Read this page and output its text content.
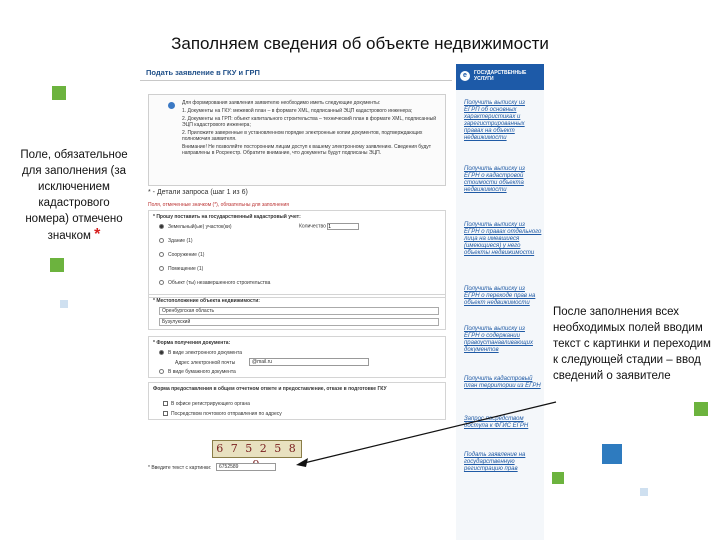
Заполняем сведения об объекте недвижимости
Поле, обязательное для заполнения (за исключением кадастрового номера) отмечено значком *
После заполнения всех необходимых полей вводим текст с картинки и переходим к следующей стадии – ввод сведений о заявителе
Подать заявление в ГКУ и ГРП
Для формирования заявления заявителю необходимо иметь следующие документы:
1. Документы на ГКУ: межевой план – в формате XML, подписанный ЭЦП кадастрового инженера;
2. Документы на ГРП: объект капитального строительства – технический план в формате XML, подписанный ЭЦП кадастрового инженера;
2. Приложите заверенные в установленном порядке электронные копии документов, подтверждающих полномочия заявителя.
Внимание! Не позволяйте посторонним лицам доступ к вашему электронному заявлению. Сведения будут направлены в Росреестр. Обратите внимание, что документы будут подписаны ЭЦП.
* - Детали запроса (шаг 1 из 6)
Поля, отмеченные значком (*), обязательны для заполнения
* Прошу поставить на государственный кадастровый учет:
Количество 1
Земельный(ые) участок(ки)
Здание (1)
Сооружение (1)
Помещение (1)
Объект (ты) незавершенного строительства
* Местоположение объекта недвижимости:
Оренбургская область
Бузулукский
* Форма получения документа:
В виде электронного документа
Адрес электронной почты	@mail.ru
В виде бумажного документа
Форма предоставления в общем отчетном ответе и предоставление, отказе в подготовке ГКУ
В офисе регистрирующего органа
Посредством почтового отправления по адресу
6 7 5 2 5 8
* Введите текст с картинки:	6752589
e	ГОСУДАРСТВЕННЫЕ УСЛУГИ
Получить выписку из ЕГРП об основных характеристиках и зарегистрированных правах на объект недвижимости
Получить выписку из ЕГРН о кадастровой стоимости объекта недвижимости
Получить выписку из ЕГРН о правах отдельного лица на имевшиеся (имеющиеся) у него объекты недвижимости
Получить выписку из ЕГРН о переходе прав на объект недвижимости
Получить выписку из ЕГРН о содержании правоустанавливающих документов
Получить кадастровый план территории из ЕГРН
Запрос посредством доступа к ФГИС ЕГРН
Подать заявление на государственную регистрацию прав
